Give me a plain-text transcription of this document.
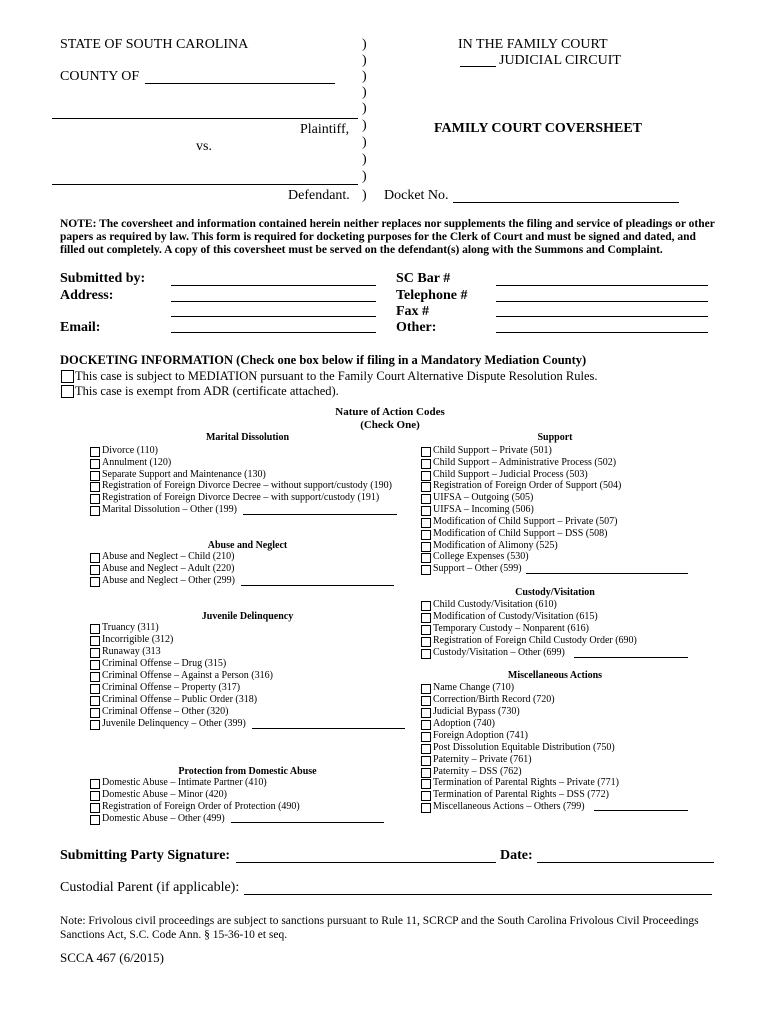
STATE OF SOUTH CAROLINA
COUNTY OF
Plaintiff,
vs.
Defendant.
)
)
)
)
)
)
)
)
)
)
IN THE FAMILY COURT
JUDICIAL CIRCUIT
FAMILY COURT COVERSHEET
Docket No.
NOTE: The coversheet and information contained herein neither replaces nor supplements the filing and service of pleadings or other papers as required by law. This form is required for docketing purposes for the Clerk of Court and must be signed and dated, and filled out completely. A copy of this coversheet must be served on the defendant(s) along with the Summons and Complaint.
Submitted by:
Address:
Email:
SC Bar #
Telephone #
Fax #
Other:
DOCKETING INFORMATION (Check one box below if filing in a Mandatory Mediation County)
This case is subject to MEDIATION pursuant to the Family Court Alternative Dispute Resolution Rules.
This case is exempt from ADR (certificate attached).
Nature of Action Codes
(Check One)
Marital Dissolution
Divorce (110)
Annulment (120)
Separate Support and Maintenance (130)
Registration of Foreign Divorce Decree – without support/custody (190)
Registration of Foreign Divorce Decree – with support/custody (191)
Marital Dissolution – Other (199)
Abuse and Neglect
Abuse and Neglect – Child (210)
Abuse and Neglect – Adult (220)
Abuse and Neglect – Other (299)
Juvenile Delinquency
Truancy (311)
Incorrigible (312)
Runaway (313
Criminal Offense – Drug (315)
Criminal Offense – Against a Person (316)
Criminal Offense – Property (317)
Criminal Offense – Public Order (318)
Criminal Offense – Other (320)
Juvenile Delinquency – Other (399)
Protection from Domestic Abuse
Domestic Abuse – Intimate Partner (410)
Domestic Abuse – Minor (420)
Registration of Foreign Order of Protection (490)
Domestic Abuse – Other (499)
Support
Child Support – Private (501)
Child Support – Administrative Process (502)
Child Support – Judicial Process (503)
Registration of Foreign Order of Support (504)
UIFSA – Outgoing (505)
UIFSA – Incoming (506)
Modification of Child Support – Private (507)
Modification of Child Support – DSS (508)
Modification of Alimony (525)
College Expenses (530)
Support – Other (599)
Custody/Visitation
Child Custody/Visitation (610)
Modification of Custody/Visitation (615)
Temporary Custody – Nonparent (616)
Registration of Foreign Child Custody Order (690)
Custody/Visitation – Other (699)
Miscellaneous Actions
Name Change (710)
Correction/Birth Record (720)
Judicial Bypass (730)
Adoption (740)
Foreign Adoption (741)
Post Dissolution Equitable Distribution (750)
Paternity – Private (761)
Paternity – DSS (762)
Termination of Parental Rights – Private (771)
Termination of Parental Rights – DSS (772)
Miscellaneous Actions – Others (799)
Submitting Party Signature:	Date:
Custodial Parent (if applicable):
Note: Frivolous civil proceedings are subject to sanctions pursuant to Rule 11, SCRCP and the South Carolina Frivolous Civil Proceedings Sanctions Act, S.C. Code Ann. § 15-36-10 et seq.
SCCA 467 (6/2015)
